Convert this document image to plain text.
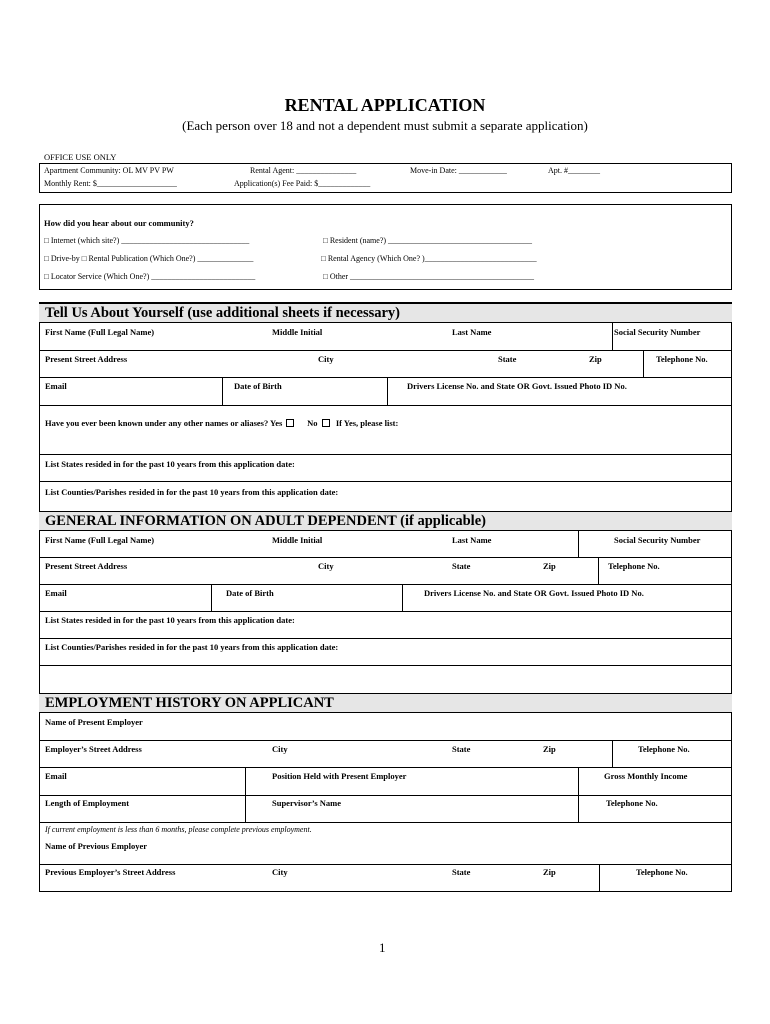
RENTAL APPLICATION
(Each person over 18 and not a dependent must submit a separate application)
OFFICE USE ONLY
Apartment Community: OL MV PV PW	Rental Agent: _______________	Move-in Date: ____________	Apt. #________
Monthly Rent: $____________________	Application(s) Fee Paid: $_____________
How did you hear about our community?
□ Internet (which site?) ________________________________	□ Resident (name?) ____________________________________
□ Drive-by □ Rental Publication (Which One?) ______________	□ Rental Agency (Which One? )____________________________
□ Locator Service (Which One?) __________________________	□ Other ______________________________________________
Tell Us About Yourself (use additional sheets if necessary)
First Name (Full Legal Name)	Middle Initial	Last Name	Social Security Number
Present Street Address	City	State	Zip	Telephone No.
Email	Date of Birth	Drivers License No. and State OR Govt. Issued Photo ID No.
Have you ever been known under any other names or aliases? Yes	No If Yes, please list:
List States resided in for the past 10 years from this application date:
List Counties/Parishes resided in for the past 10 years from this application date:
GENERAL INFORMATION ON ADULT DEPENDENT (if applicable)
First Name (Full Legal Name)	Middle Initial	Last Name	Social Security Number
Present Street Address	City	State	Zip	Telephone No.
Email	Date of Birth	Drivers License No. and State OR Govt. Issued Photo ID No.
List States resided in for the past 10 years from this application date:
List Counties/Parishes resided in for the past 10 years from this application date:
EMPLOYMENT HISTORY ON APPLICANT
Name of Present Employer
Employer’s Street Address	City	State	Zip	Telephone No.
Email	Position Held with Present Employer	Gross Monthly Income
Length of Employment	Supervisor’s Name	Telephone No.
If current employment is less than 6 months, please complete previous employment.
Name of Previous Employer
Previous Employer’s Street Address	City	State	Zip	Telephone No.
1
